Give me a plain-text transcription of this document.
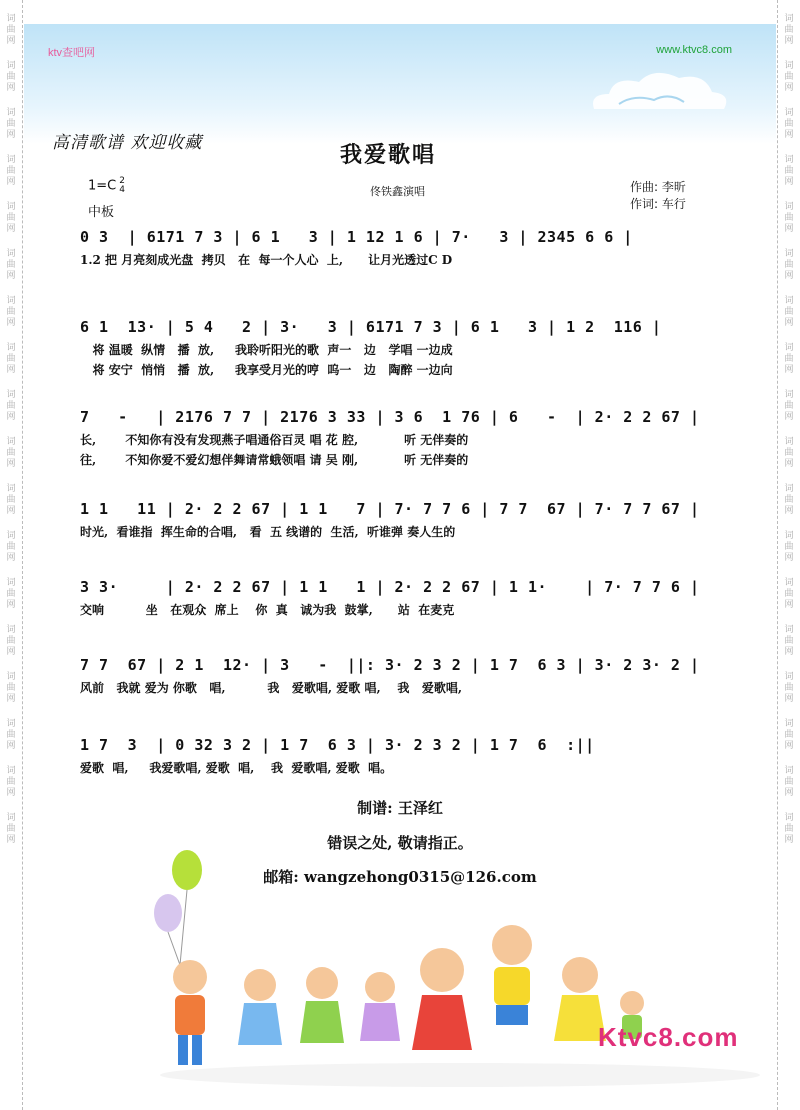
词
曲
网
词
曲
网
词
曲
网
词
曲
网
词
曲
网
词
曲
网
词
曲
网
词
曲
网
词
曲
网
词
曲
网
词
曲
网
词
曲
网
词
曲
网
词
曲
网
词
曲
网
词
曲
网
词
曲
网
词
曲
网
词
曲
网
词
曲
网
词
曲
网
词
曲
网
词
曲
网
词
曲
网
词
曲
网
词
曲
网
词
曲
网
词
曲
网
词
曲
网
词
曲
网
词
曲
网
词
曲
网
词
曲
网
词
曲
网
词
曲
网
词
曲
网
ktv查吧网	www.ktvc8.com
高清歌谱 欢迎收藏	我爱歌唱
1=C 2
4
中板
佟铁鑫演唱	作曲: 李昕
作词: 车行
0 3  | 6171 7 3 | 6 1   3 | 1 12 1 6 | 7·   3 | 2345 6 6 |
1.2 把 月亮刻成光盘  拷贝   在  每一个人心  上,      让月光透过C D
6 1  13· | 5 4   2 | 3·   3 | 6171 7 3 | 6 1   3 | 1 2  116 |
将 温暖  纵情   播  放,     我聆听阳光的歌  声一   边   学唱 一边成
将 安宁  悄悄   播  放,     我享受月光的哼  呜一   边   陶醉 一边向
7   -   | 2176 7 7 | 2176 3 33 | 3 6  1 76 | 6   -  | 2· 2 2 67 |
长,       不知你有没有发现燕子唱通俗百灵 唱 花 腔,           听 无伴奏的
往,       不知你爱不爱幻想伴舞请常蛾领唱 请 吴 刚,           听 无伴奏的
1 1   11 | 2· 2 2 67 | 1 1   7 | 7· 7 7 6 | 7 7  67 | 7· 7 7 67 |
时光,  看谁指  挥生命的合唱,   看  五 线谱的  生活,  听谁弹 奏人生的
3 3·     | 2· 2 2 67 | 1 1   1 | 2· 2 2 67 | 1 1·    | 7· 7 7 6 |
交响          坐   在观众  席上    你  真   诚为我  鼓掌,      站  在麦克
7 7  67 | 2 1  12· | 3   -  ||: 3· 2 3 2 | 1 7  6 3 | 3· 2 3· 2 |
风前   我就 爱为 你歌   唱,          我   爱歌唱, 爱歌 唱,    我   爱歌唱,
1 7  3  | 0 32 3 2 | 1 7  6 3 | 3· 2 3 2 | 1 7  6  :||
爱歌  唱,     我爱歌唱, 爱歌  唱,    我  爱歌唱, 爱歌  唱。
制谱: 王泽红
错误之处, 敬请指正。
邮箱: wangzehong0315@126.com
Ktvc8.com
